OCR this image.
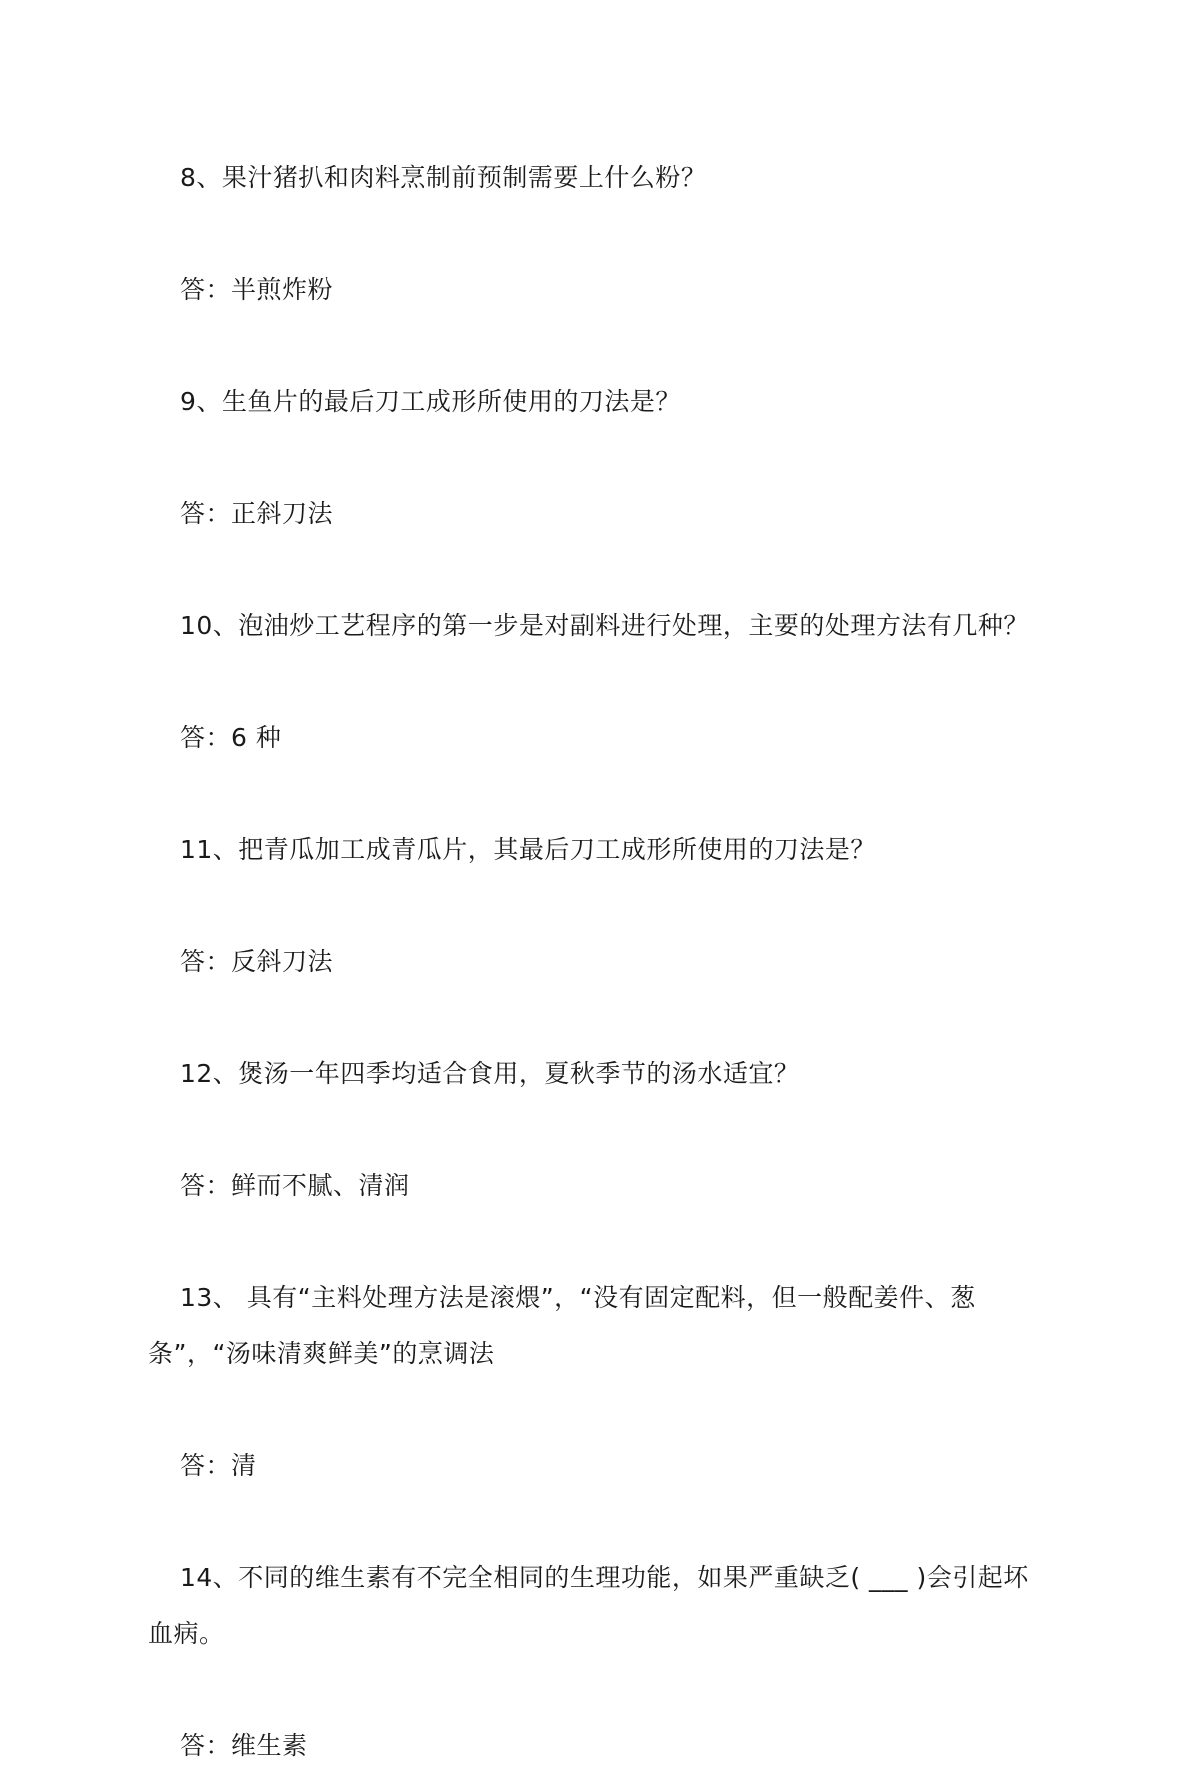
8、果汁猪扒和肉料烹制前预制需要上什么粉？

答：半煎炸粉

9、生鱼片的最后刀工成形所使用的刀法是？

答：正斜刀法

10、泡油炒工艺程序的第一步是对副料进行处理，主要的处理方法有几种？

答：6 种

11、把青瓜加工成青瓜片，其最后刀工成形所使用的刀法是？

答：反斜刀法

12、煲汤一年四季均适合食用，夏秋季节的汤水适宜？

答：鲜而不腻、清润

13、 具有“主料处理方法是滚煨”，“没有固定配料，但一般配姜件、葱条”，“汤味清爽鲜美”的烹调法

答：清

14、不同的维生素有不完全相同的生理功能，如果严重缺乏( ___ )会引起坏血病。

答：维生素
